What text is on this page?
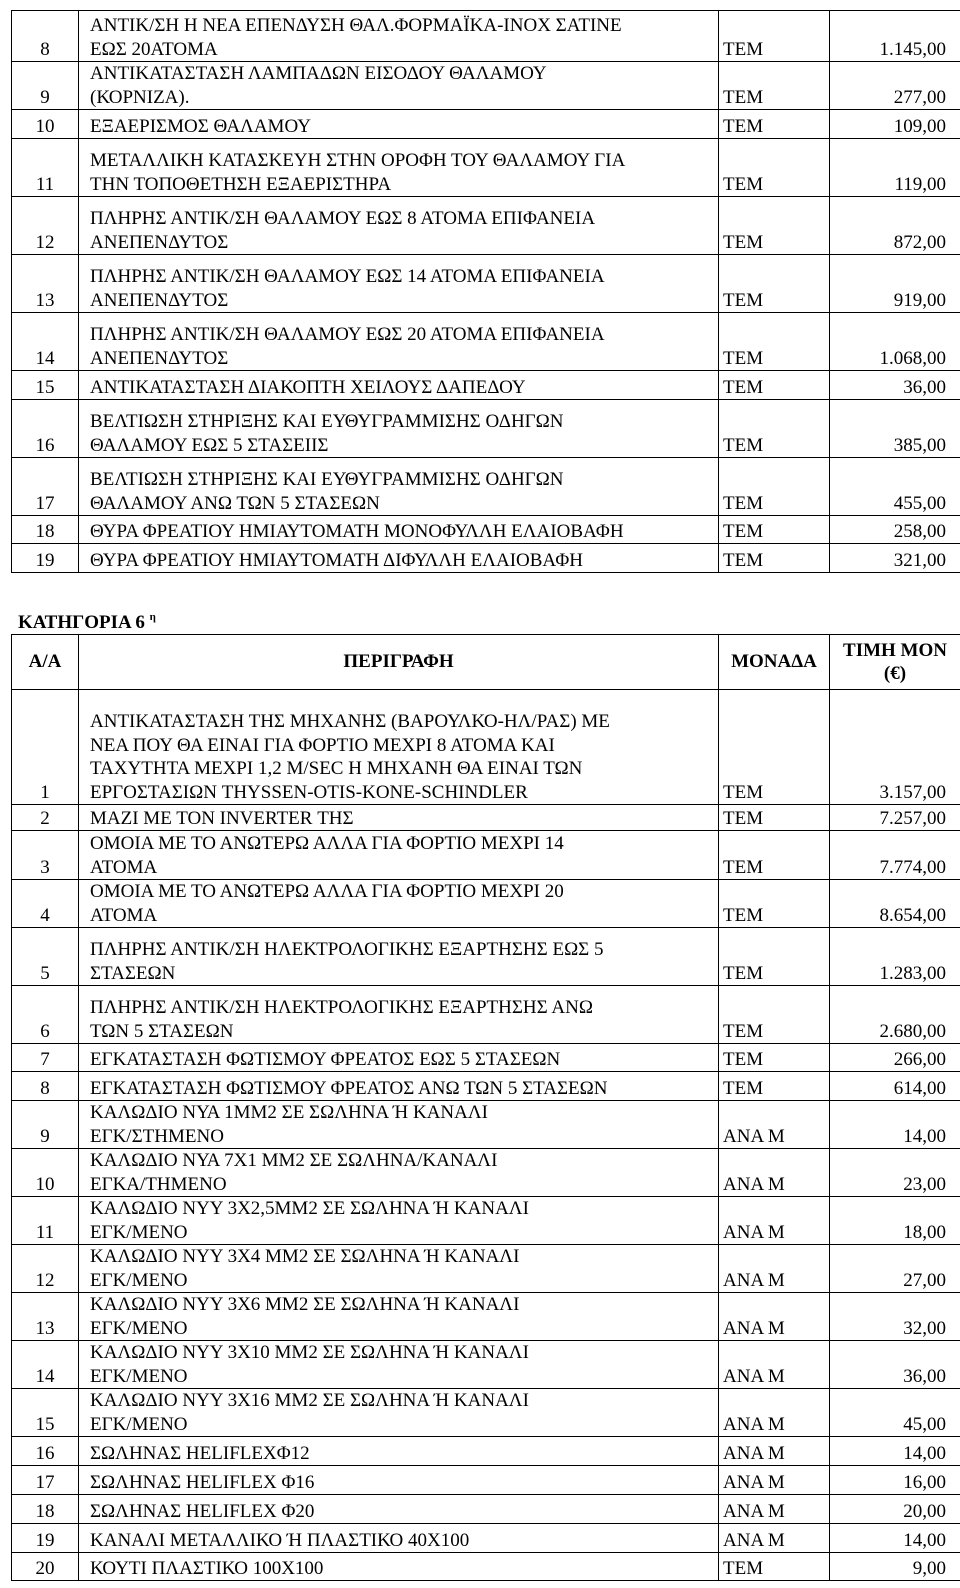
8	ΑΝΤΙΚ/ΣΗ Η ΝΕΑ ΕΠΕΝΔΥΣΗ ΘΑΛ.ΦΟΡΜΑΪΚΑ-ΙΝΟΧ ΣΑΤΙΝΕ
ΕΩΣ 20ΑΤΟΜΑ	ΤΕΜ	1.145,00
9	ΑΝΤΙΚΑΤΑΣΤΑΣΗ ΛΑΜΠΑΔΩΝ ΕΙΣΟΔΟΥ ΘΑΛΑΜΟΥ
(ΚΟΡΝΙΖΑ).	ΤΕΜ	277,00
10	ΕΞΑΕΡΙΣΜΟΣ ΘΑΛΑΜΟΥ	ΤΕΜ	109,00
11	ΜΕΤΑΛΛΙΚΗ ΚΑΤΑΣΚΕΥΗ ΣΤΗΝ ΟΡΟΦΗ ΤΟΥ ΘΑΛΑΜΟΥ ΓΙΑ
ΤΗΝ ΤΟΠΟΘΕΤΗΣΗ ΕΞΑΕΡΙΣΤΗΡΑ	ΤΕΜ	119,00
12	ΠΛΗΡΗΣ ΑΝΤΙΚ/ΣΗ ΘΑΛΑΜΟΥ ΕΩΣ 8 ΑΤΟΜΑ ΕΠΙΦΑΝΕΙΑ
ΑΝΕΠΕΝΔΥΤΟΣ	ΤΕΜ	872,00
13	ΠΛΗΡΗΣ ΑΝΤΙΚ/ΣΗ ΘΑΛΑΜΟΥ ΕΩΣ 14 ΑΤΟΜΑ ΕΠΙΦΑΝΕΙΑ
ΑΝΕΠΕΝΔΥΤΟΣ	ΤΕΜ	919,00
14	ΠΛΗΡΗΣ ΑΝΤΙΚ/ΣΗ ΘΑΛΑΜΟΥ ΕΩΣ 20 ΑΤΟΜΑ ΕΠΙΦΑΝΕΙΑ
ΑΝΕΠΕΝΔΥΤΟΣ	ΤΕΜ	1.068,00
15	ΑΝΤΙΚΑΤΑΣΤΑΣΗ ΔΙΑΚΟΠΤΗ ΧΕΙΛΟΥΣ ΔΑΠΕΔΟΥ	ΤΕΜ	36,00
16	ΒΕΛΤΙΩΣΗ ΣΤΗΡΙΞΗΣ ΚΑΙ ΕΥΘΥΓΡΑΜΜΙΣΗΣ ΟΔΗΓΩΝ
ΘΑΛΑΜΟΥ ΕΩΣ 5 ΣΤΑΣΕΙΙΣ	ΤΕΜ	385,00
17	ΒΕΛΤΙΩΣΗ ΣΤΗΡΙΞΗΣ ΚΑΙ ΕΥΘΥΓΡΑΜΜΙΣΗΣ ΟΔΗΓΩΝ
ΘΑΛΑΜΟΥ ΑΝΩ ΤΩΝ 5 ΣΤΑΣΕΩΝ	ΤΕΜ	455,00
18	ΘΥΡΑ ΦΡΕΑΤΙΟΥ ΗΜΙΑΥΤΟΜΑΤΗ ΜΟΝΟΦΥΛΛΗ ΕΛΑΙΟΒΑΦΗ	ΤΕΜ	258,00
19	ΘΥΡΑ ΦΡΕΑΤΙΟΥ ΗΜΙΑΥΤΟΜΑΤΗ ΔΙΦΥΛΛΗ ΕΛΑΙΟΒΑΦΗ	ΤΕΜ	321,00
ΚΑΤΗΓΟΡΙΑ 6 $^\eta$
Α/Α	ΠΕΡΙΓΡΑΦΗ	ΜΟΝΑΔΑ	ΤΙΜΗ ΜΟΝ
(€)

1	ΑΝΤΙΚΑΤΑΣΤΑΣΗ ΤΗΣ ΜΗΧΑΝΗΣ (ΒΑΡΟΥΛΚΟ-ΗΛ/ΡΑΣ) ΜΕ
ΝΕΑ ΠΟΥ ΘΑ ΕΙΝΑΙ ΓΙΑ ΦΟΡΤΙΟ ΜΕΧΡΙ 8 ΑΤΟΜΑ ΚΑΙ
ΤΑΧΥΤΗΤΑ ΜΕΧΡΙ 1,2 Μ/SEC Η ΜΗΧΑΝΗ ΘΑ ΕΙΝΑΙ ΤΩΝ
ΕΡΓΟΣΤΑΣΙΩΝ THYSSEN-OTIS-KONE-SCHINDLER	ΤΕΜ	3.157,00
2	ΜΑΖΙ ΜΕ ΤΟΝ INVERTER ΤΗΣ	ΤΕΜ	7.257,00
3	ΟΜΟΙΑ ΜΕ ΤΟ ΑΝΩΤΕΡΩ ΑΛΛΑ ΓΙΑ ΦΟΡΤΙΟ ΜΕΧΡΙ 14
ΑΤΟΜΑ	ΤΕΜ	7.774,00
4	ΟΜΟΙΑ ΜΕ ΤΟ ΑΝΩΤΕΡΩ ΑΛΛΑ ΓΙΑ ΦΟΡΤΙΟ ΜΕΧΡΙ 20
ΑΤΟΜΑ	ΤΕΜ	8.654,00
5	ΠΛΗΡΗΣ ΑΝΤΙΚ/ΣΗ ΗΛΕΚΤΡΟΛΟΓΙΚΗΣ ΕΞΑΡΤΗΣΗΣ ΕΩΣ 5
ΣΤΑΣΕΩΝ	ΤΕΜ	1.283,00
6	ΠΛΗΡΗΣ ΑΝΤΙΚ/ΣΗ ΗΛΕΚΤΡΟΛΟΓΙΚΗΣ ΕΞΑΡΤΗΣΗΣ ΑΝΩ
ΤΩΝ 5 ΣΤΑΣΕΩΝ	ΤΕΜ	2.680,00
7	ΕΓΚΑΤΑΣΤΑΣΗ ΦΩΤΙΣΜΟΥ ΦΡΕΑΤΟΣ ΕΩΣ 5 ΣΤΑΣΕΩΝ	ΤΕΜ	266,00
8	ΕΓΚΑΤΑΣΤΑΣΗ ΦΩΤΙΣΜΟΥ ΦΡΕΑΤΟΣ ΑΝΩ ΤΩΝ 5 ΣΤΑΣΕΩΝ	ΤΕΜ	614,00
9	ΚΑΛΩΔΙΟ ΝΥΑ 1ΜΜ2 ΣΕ ΣΩΛΗΝΑ Ή ΚΑΝΑΛΙ
ΕΓΚ/ΣΤΗΜΕΝΟ	ΑΝΑ Μ	14,00
10	ΚΑΛΩΔΙΟ ΝΥΑ 7Χ1 ΜΜ2 ΣΕ ΣΩΛΗΝΑ/ΚΑΝΑΛΙ
ΕΓΚΑ/ΤΗΜΕΝΟ	ΑΝΑ Μ	23,00
11	ΚΑΛΩΔΙΟ ΝΥΥ 3Χ2,5ΜΜ2 ΣΕ ΣΩΛΗΝΑ Ή ΚΑΝΑΛΙ
ΕΓΚ/ΜΕΝΟ	ΑΝΑ Μ	18,00
12	ΚΑΛΩΔΙΟ ΝΥΥ 3Χ4 ΜΜ2 ΣΕ ΣΩΛΗΝΑ Ή ΚΑΝΑΛΙ
ΕΓΚ/ΜΕΝΟ	ΑΝΑ Μ	27,00
13	ΚΑΛΩΔΙΟ ΝΥΥ 3Χ6 ΜΜ2 ΣΕ ΣΩΛΗΝΑ Ή ΚΑΝΑΛΙ
ΕΓΚ/ΜΕΝΟ	ΑΝΑ Μ	32,00
14	ΚΑΛΩΔΙΟ ΝΥΥ 3Χ10 ΜΜ2 ΣΕ ΣΩΛΗΝΑ Ή ΚΑΝΑΛΙ
ΕΓΚ/ΜΕΝΟ	ΑΝΑ Μ	36,00
15	ΚΑΛΩΔΙΟ ΝΥΥ 3Χ16 ΜΜ2 ΣΕ ΣΩΛΗΝΑ Ή ΚΑΝΑΛΙ
ΕΓΚ/ΜΕΝΟ	ΑΝΑ Μ	45,00
16	ΣΩΛΗΝΑΣ HELIFLEXΦ12	ΑΝΑ Μ	14,00
17	ΣΩΛΗΝΑΣ HELIFLEX Φ16	ΑΝΑ Μ	16,00
18	ΣΩΛΗΝΑΣ HELIFLEX Φ20	ΑΝΑ Μ	20,00
19	ΚΑΝΑΛΙ ΜΕΤΑΛΛΙΚΟ Ή ΠΛΑΣΤΙΚΟ 40Χ100	ΑΝΑ Μ	14,00
20	ΚΟΥΤΙ ΠΛΑΣΤΙΚΟ 100Χ100	ΤΕΜ	9,00
